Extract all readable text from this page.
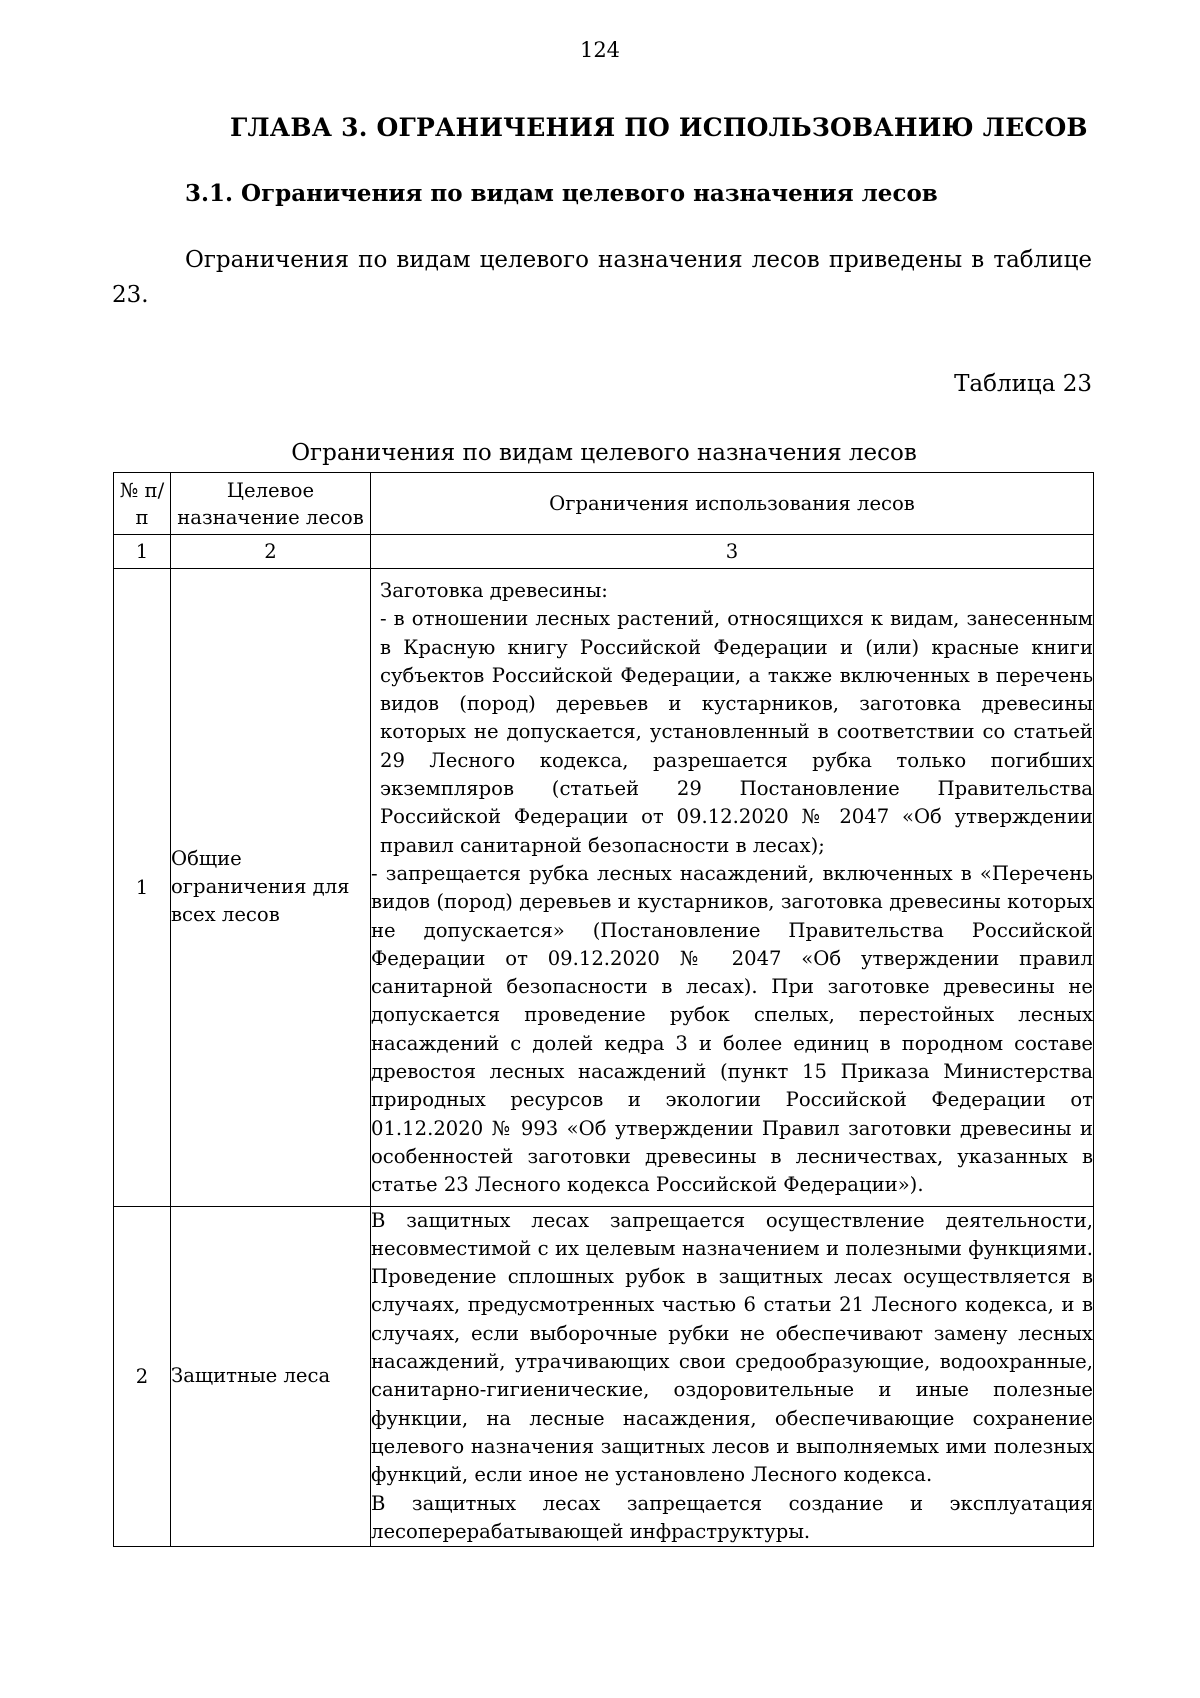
124
ГЛАВА 3. ОГРАНИЧЕНИЯ ПО ИСПОЛЬЗОВАНИЮ ЛЕСОВ
3.1. Ограничения по видам целевого назначения лесов
Ограничения по видам целевого назначения лесов приведены в таблице 23.
Таблица 23
Ограничения по видам целевого назначения лесов
№ п/п	Целевое назначение лесов	Ограничения использования лесов
1	2	3
1	Общие ограничения для всех лесов	Заготовка древесины:
- в отношении лесных растений, относящихся к видам, занесенным в Красную книгу Российской Федерации и (или) красные книги субъектов Российской Федерации, а также включенных в перечень видов (пород) деревьев и кустарников, заготовка древесины которых не допускается, установленный в соответствии со статьей 29 Лесного кодекса, разрешается рубка только погибших экземпляров (статьей 29 Постановление Правительства Российской Федерации от 09.12.2020 № 2047 «Об утверждении правил санитарной безопасности в лесах);
- запрещается рубка лесных насаждений, включенных в «Перечень видов (пород) деревьев и кустарников, заготовка древесины которых не допускается» (Постановление Правительства Российской Федерации от 09.12.2020 № 2047 «Об утверждении правил санитарной безопасности в лесах). При заготовке древесины не допускается проведение рубок спелых, перестойных лесных насаждений с долей кедра 3 и более единиц в породном составе древостоя лесных насаждений (пункт 15 Приказа Министерства природных ресурсов и экологии Российской Федерации от 01.12.2020 № 993 «Об утверждении Правил заготовки древесины и особенностей заготовки древесины в лесничествах, указанных в статье 23 Лесного кодекса Российской Федерации»).

2	Защитные леса	В защитных лесах запрещается осуществление деятельности, несовместимой с их целевым назначением и полезными функциями. Проведение сплошных рубок в защитных лесах осуществляется в случаях, предусмотренных частью 6 статьи 21 Лесного кодекса, и в случаях, если выборочные рубки не обеспечивают замену лесных насаждений, утрачивающих свои средообразующие, водоохранные, санитарно-гигиенические, оздоровительные и иные полезные функции, на лесные насаждения, обеспечивающие сохранение целевого назначения защитных лесов и выполняемых ими полезных функций, если иное не установлено Лесного кодекса.
В защитных лесах запрещается создание и эксплуатация лесоперерабатывающей инфраструктуры.
